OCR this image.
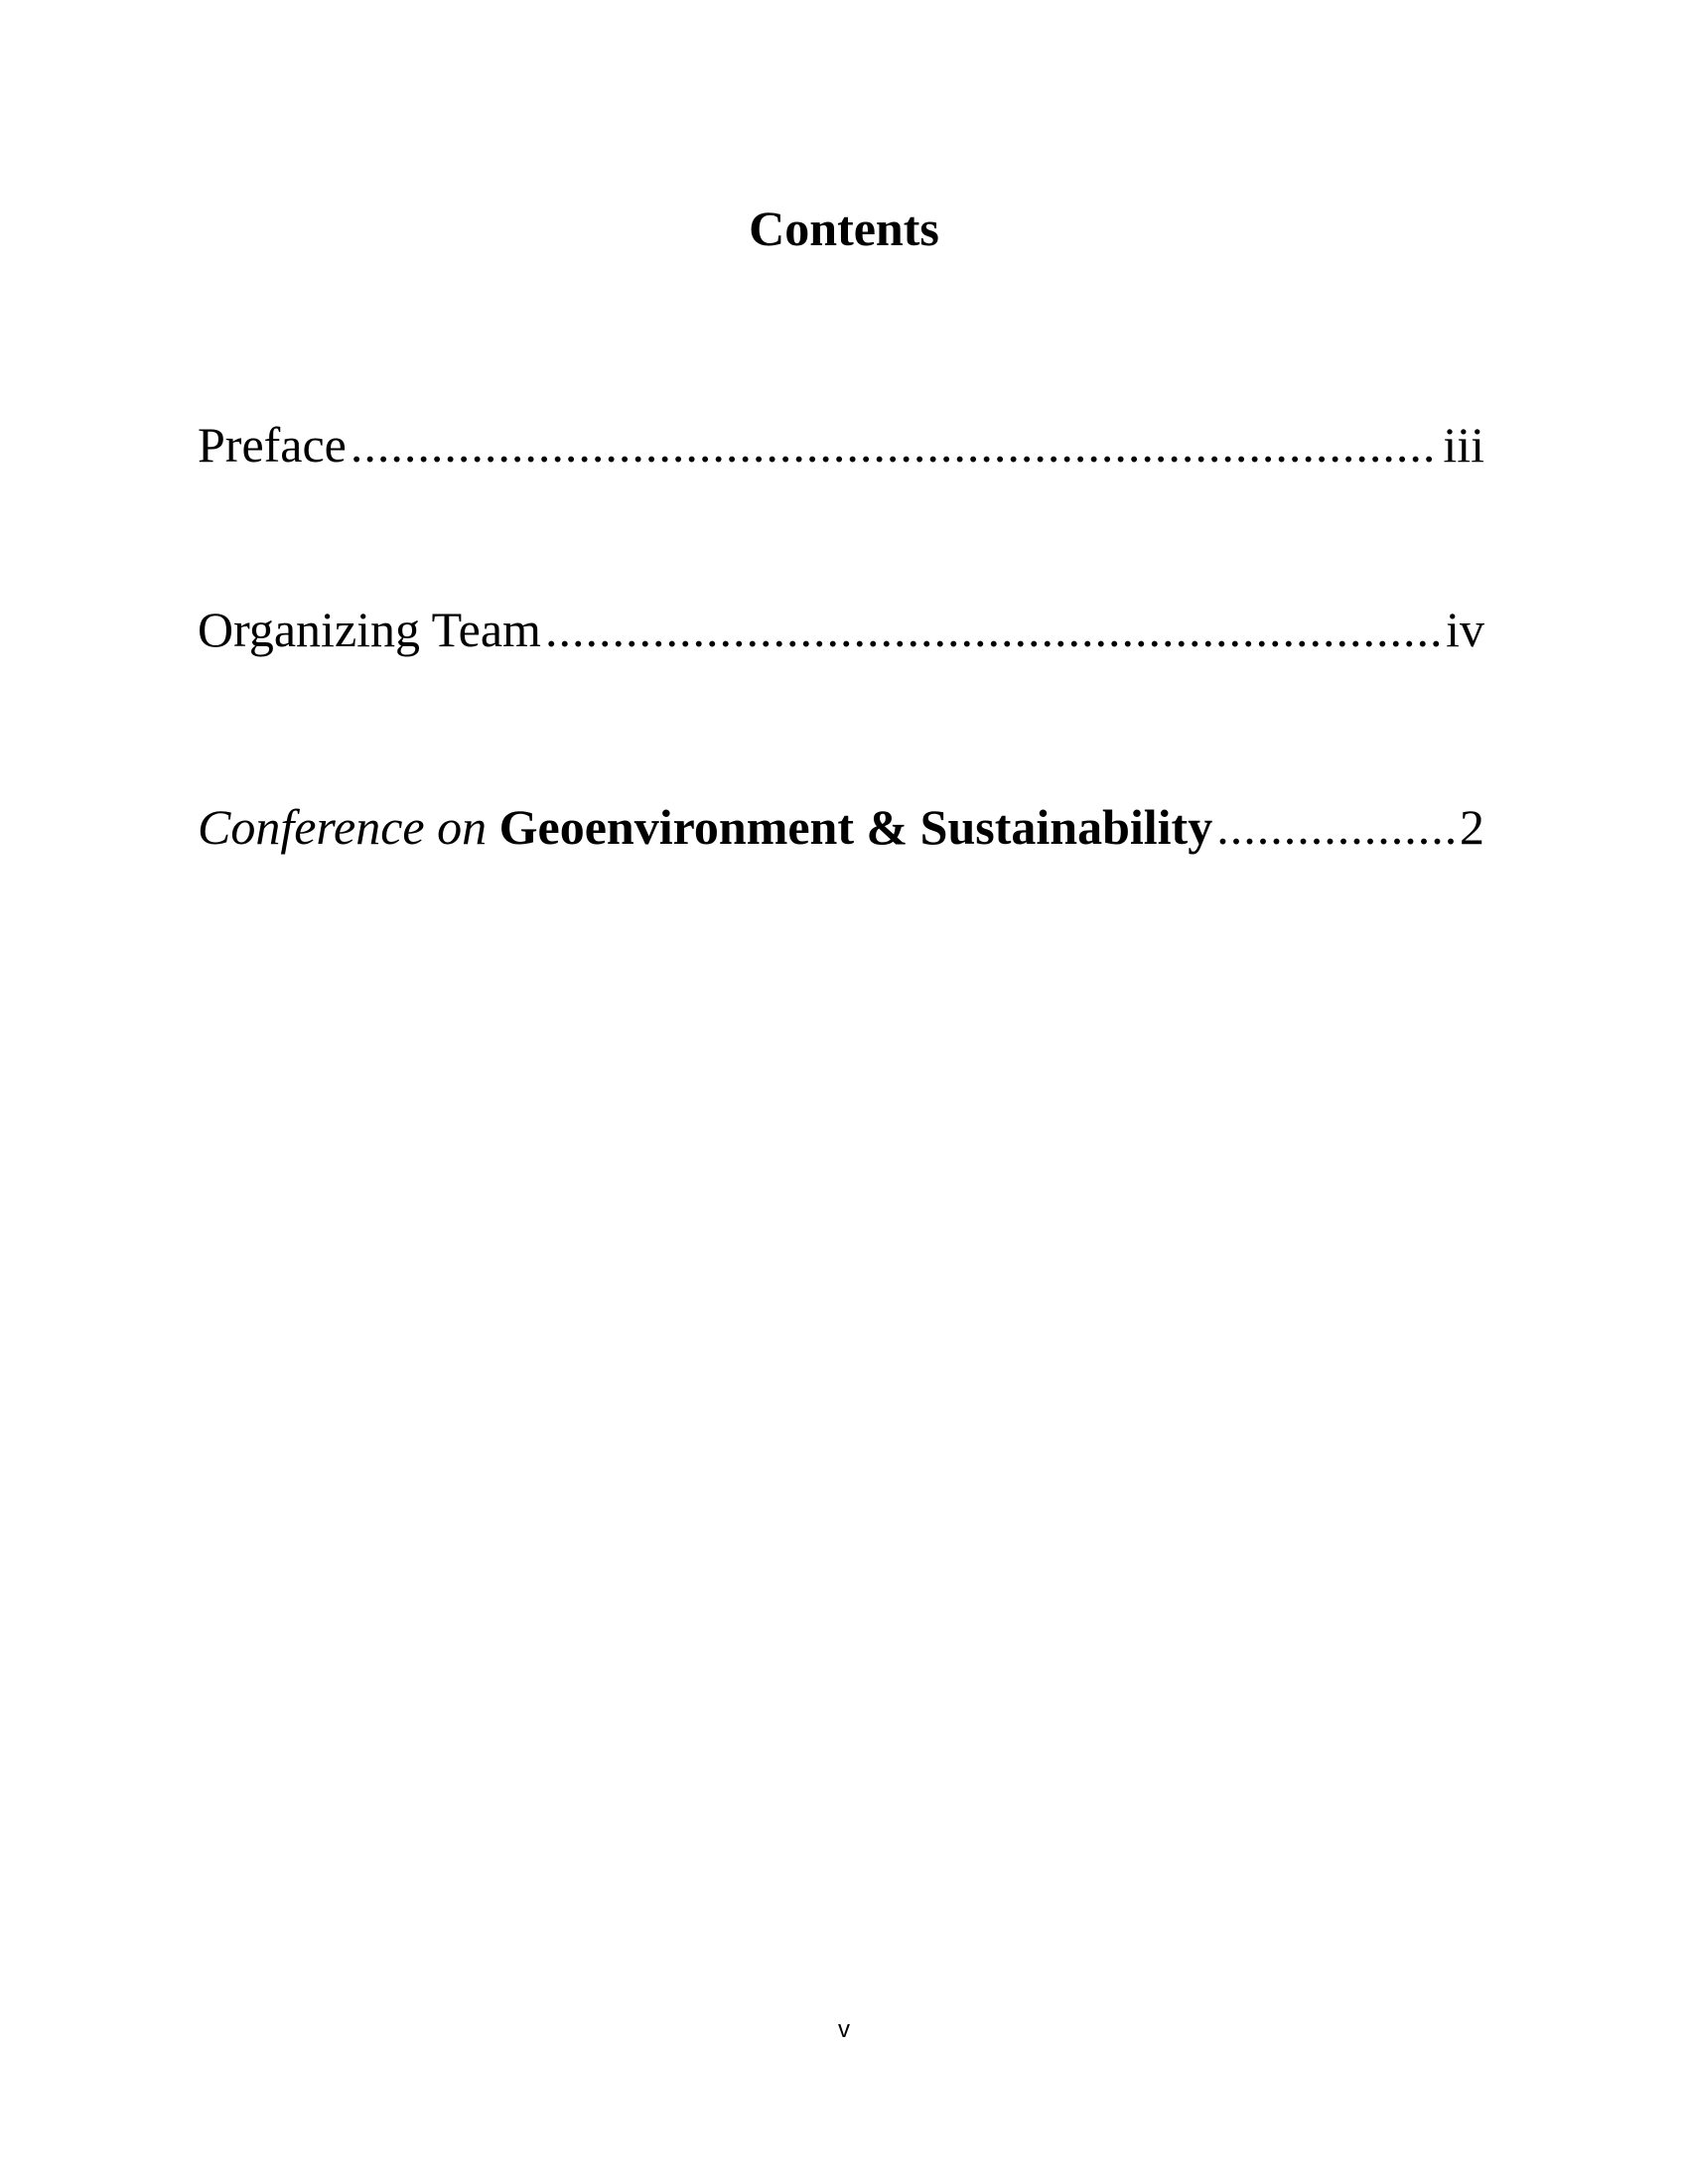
Contents
Preface .....	iii
Organizing Team .....	iv
Conference on Geoenvironment & Sustainability .....	2
v
